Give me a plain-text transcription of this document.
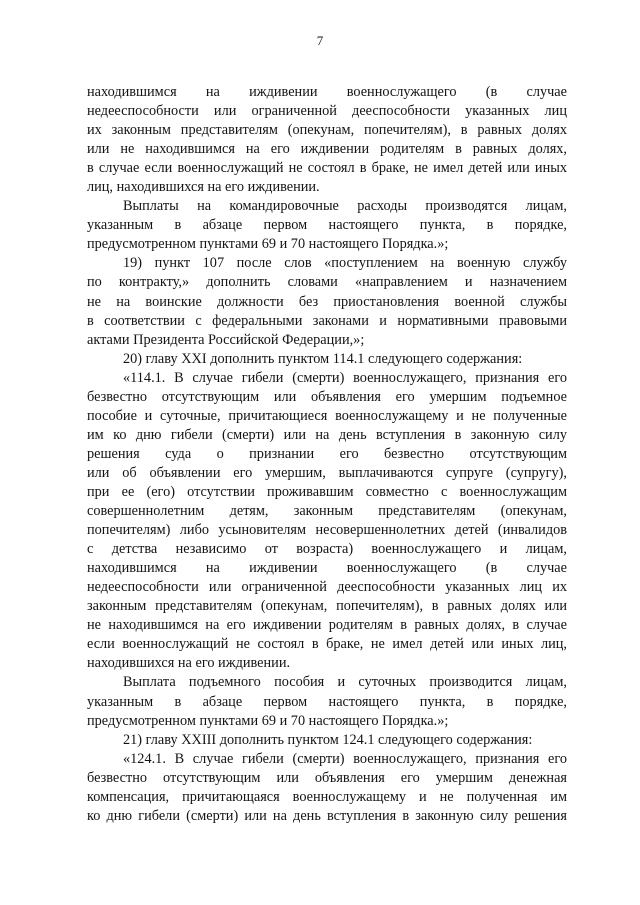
7
находившимся на иждивении военнослужащего (в случае
недееспособности или ограниченной дееспособности указанных лиц
их законным представителям (опекунам, попечителям), в равных долях
или не находившимся на его иждивении родителям в равных долях,
в случае если военнослужащий не состоял в браке, не имел детей или иных
лиц, находившихся на его иждивении.
Выплаты на командировочные расходы производятся лицам,
указанным в абзаце первом настоящего пункта, в порядке,
предусмотренном пунктами 69 и 70 настоящего Порядка.»;
19) пункт 107 после слов «поступлением на военную службу
по контракту,» дополнить словами «направлением и назначением
не на воинские должности без приостановления военной службы
в соответствии с федеральными законами и нормативными правовыми
актами Президента Российской Федерации,»;
20) главу XXI дополнить пунктом 114.1 следующего содержания:
«114.1. В случае гибели (смерти) военнослужащего, признания его
безвестно отсутствующим или объявления его умершим подъемное
пособие и суточные, причитающиеся военнослужащему и не полученные
им ко дню гибели (смерти) или на день вступления в законную силу
решения суда о признании его безвестно отсутствующим
или об объявлении его умершим, выплачиваются супруге (супругу),
при ее (его) отсутствии проживавшим совместно с военнослужащим
совершеннолетним детям, законным представителям (опекунам,
попечителям) либо усыновителям несовершеннолетних детей (инвалидов
с детства независимо от возраста) военнослужащего и лицам,
находившимся на иждивении военнослужащего (в случае
недееспособности или ограниченной дееспособности указанных лиц их
законным представителям (опекунам, попечителям), в равных долях или
не находившимся на его иждивении родителям в равных долях, в случае
если военнослужащий не состоял в браке, не имел детей или иных лиц,
находившихся на его иждивении.
Выплата подъемного пособия и суточных производится лицам,
указанным в абзаце первом настоящего пункта, в порядке,
предусмотренном пунктами 69 и 70 настоящего Порядка.»;
21) главу XXIII дополнить пунктом 124.1 следующего содержания:
«124.1. В случае гибели (смерти) военнослужащего, признания его
безвестно отсутствующим или объявления его умершим денежная
компенсация, причитающаяся военнослужащему и не полученная им
ко дню гибели (смерти) или на день вступления в законную силу решения
